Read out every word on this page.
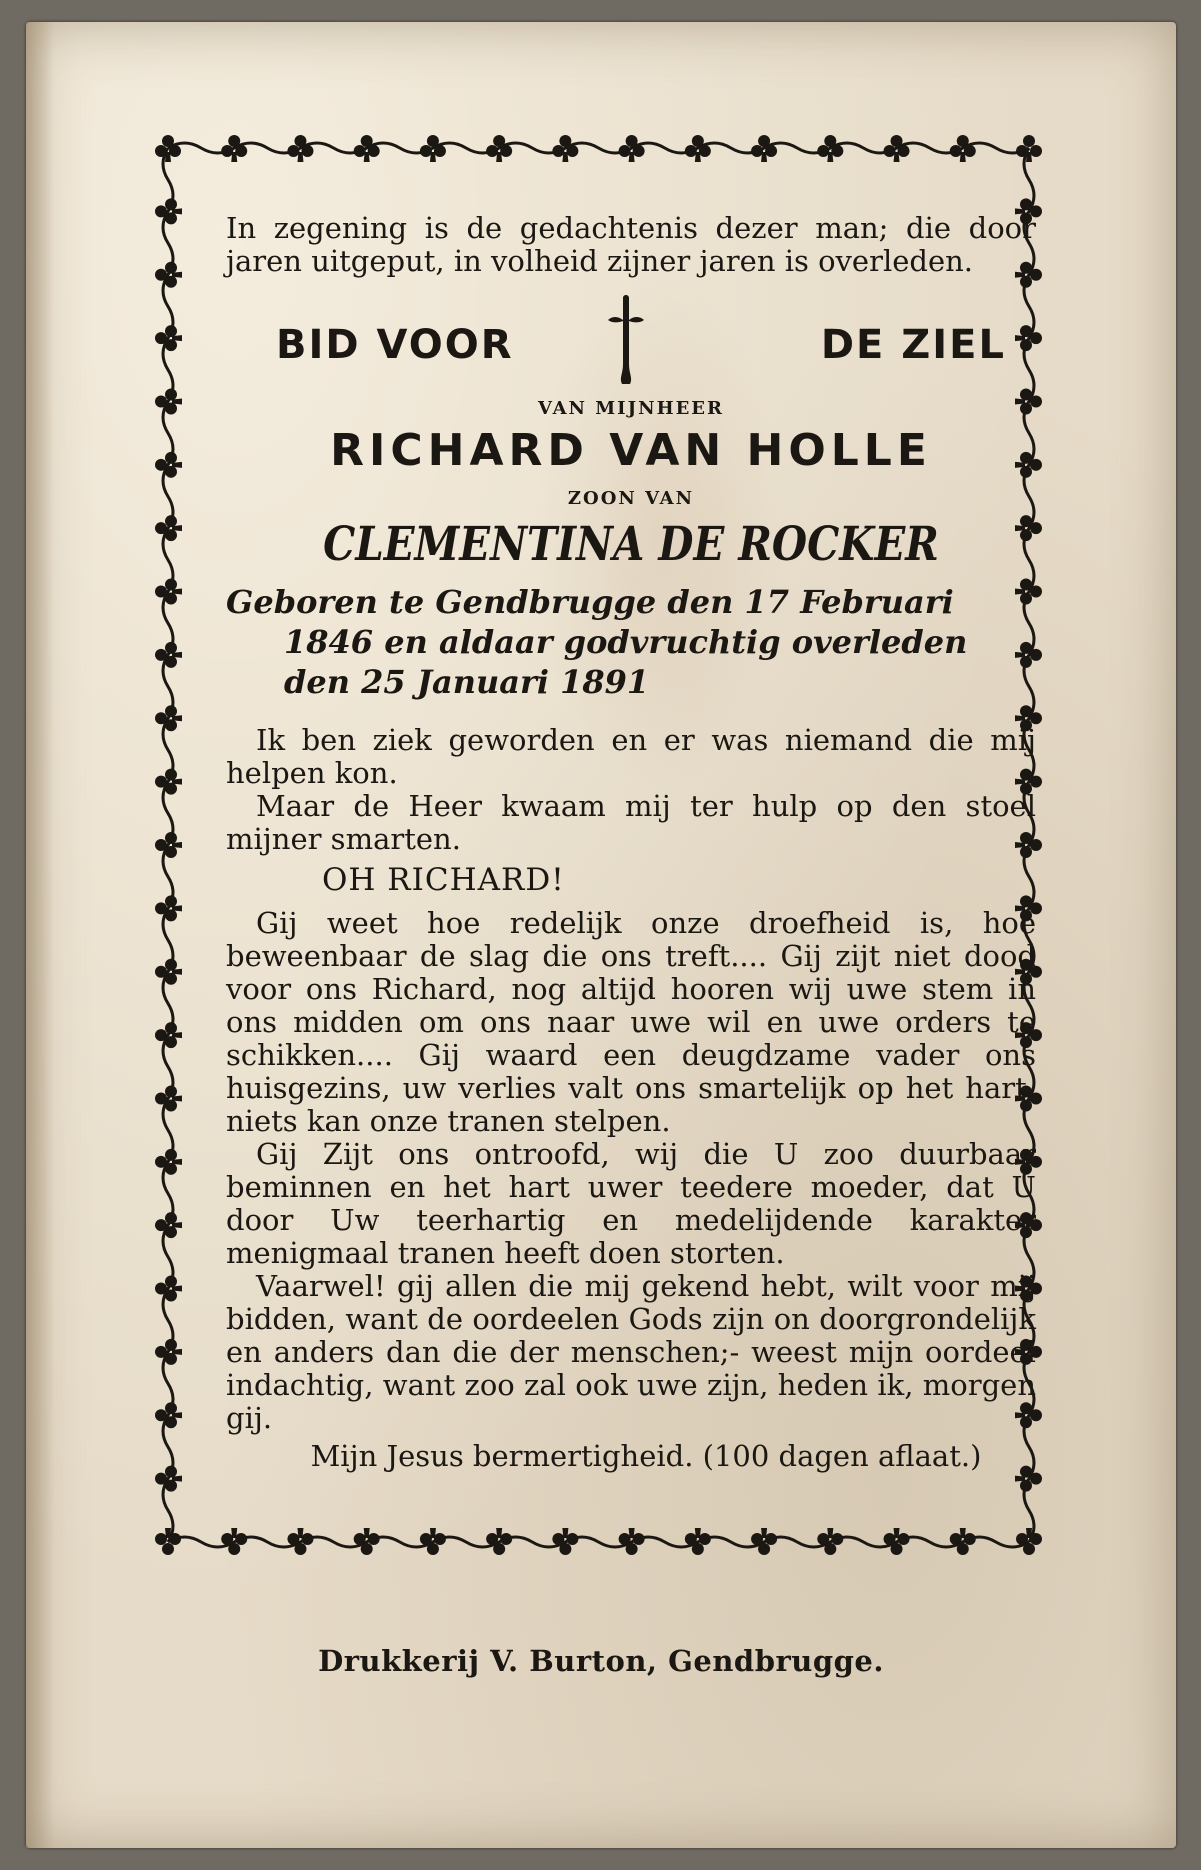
In zegening is de gedachtenis dezer man; die door jaren uitgeput, in volheid zijner jaren is overleden.

BID VOOR	DE ZIEL
VAN MIJNHEER
RICHARD VAN HOLLE
ZOON VAN
CLEMENTINA DE ROCKER
Geboren te Gendbrugge den 17 Februari
1846 en aldaar godvruchtig overleden
den 25 Januari 1891

Ik ben ziek geworden en er was niemand die mij helpen kon.

Maar de Heer kwaam mij ter hulp op den stoel mijner smarten.

OH RICHARD!

Gij weet hoe redelijk onze droefheid is, hoe beweenbaar de slag die ons treft.... Gij zijt niet dood voor ons Richard, nog altijd hooren wij uwe stem in ons midden om ons naar uwe wil en uwe orders te schikken.... Gij waard een deugdzame vader ons huisgezins, uw verlies valt ons smartelijk op het hart, niets kan onze tranen stelpen.

Gij Zijt ons ontroofd, wij die U zoo duurbaar beminnen en het hart uwer teedere moeder, dat U door Uw teerhartig en medelijdende karakter menigmaal tranen heeft doen storten.

Vaarwel! gij allen die mij gekend hebt, wilt voor mij bidden, want de oordeelen Gods zijn on doorgrondelijk en anders dan die der menschen;- weest mijn oordeel indachtig, want zoo zal ook uwe zijn, heden ik, morgen gij.

Mijn Jesus bermertigheid. (100 dagen aflaat.)
Drukkerij V. Burton, Gendbrugge.
